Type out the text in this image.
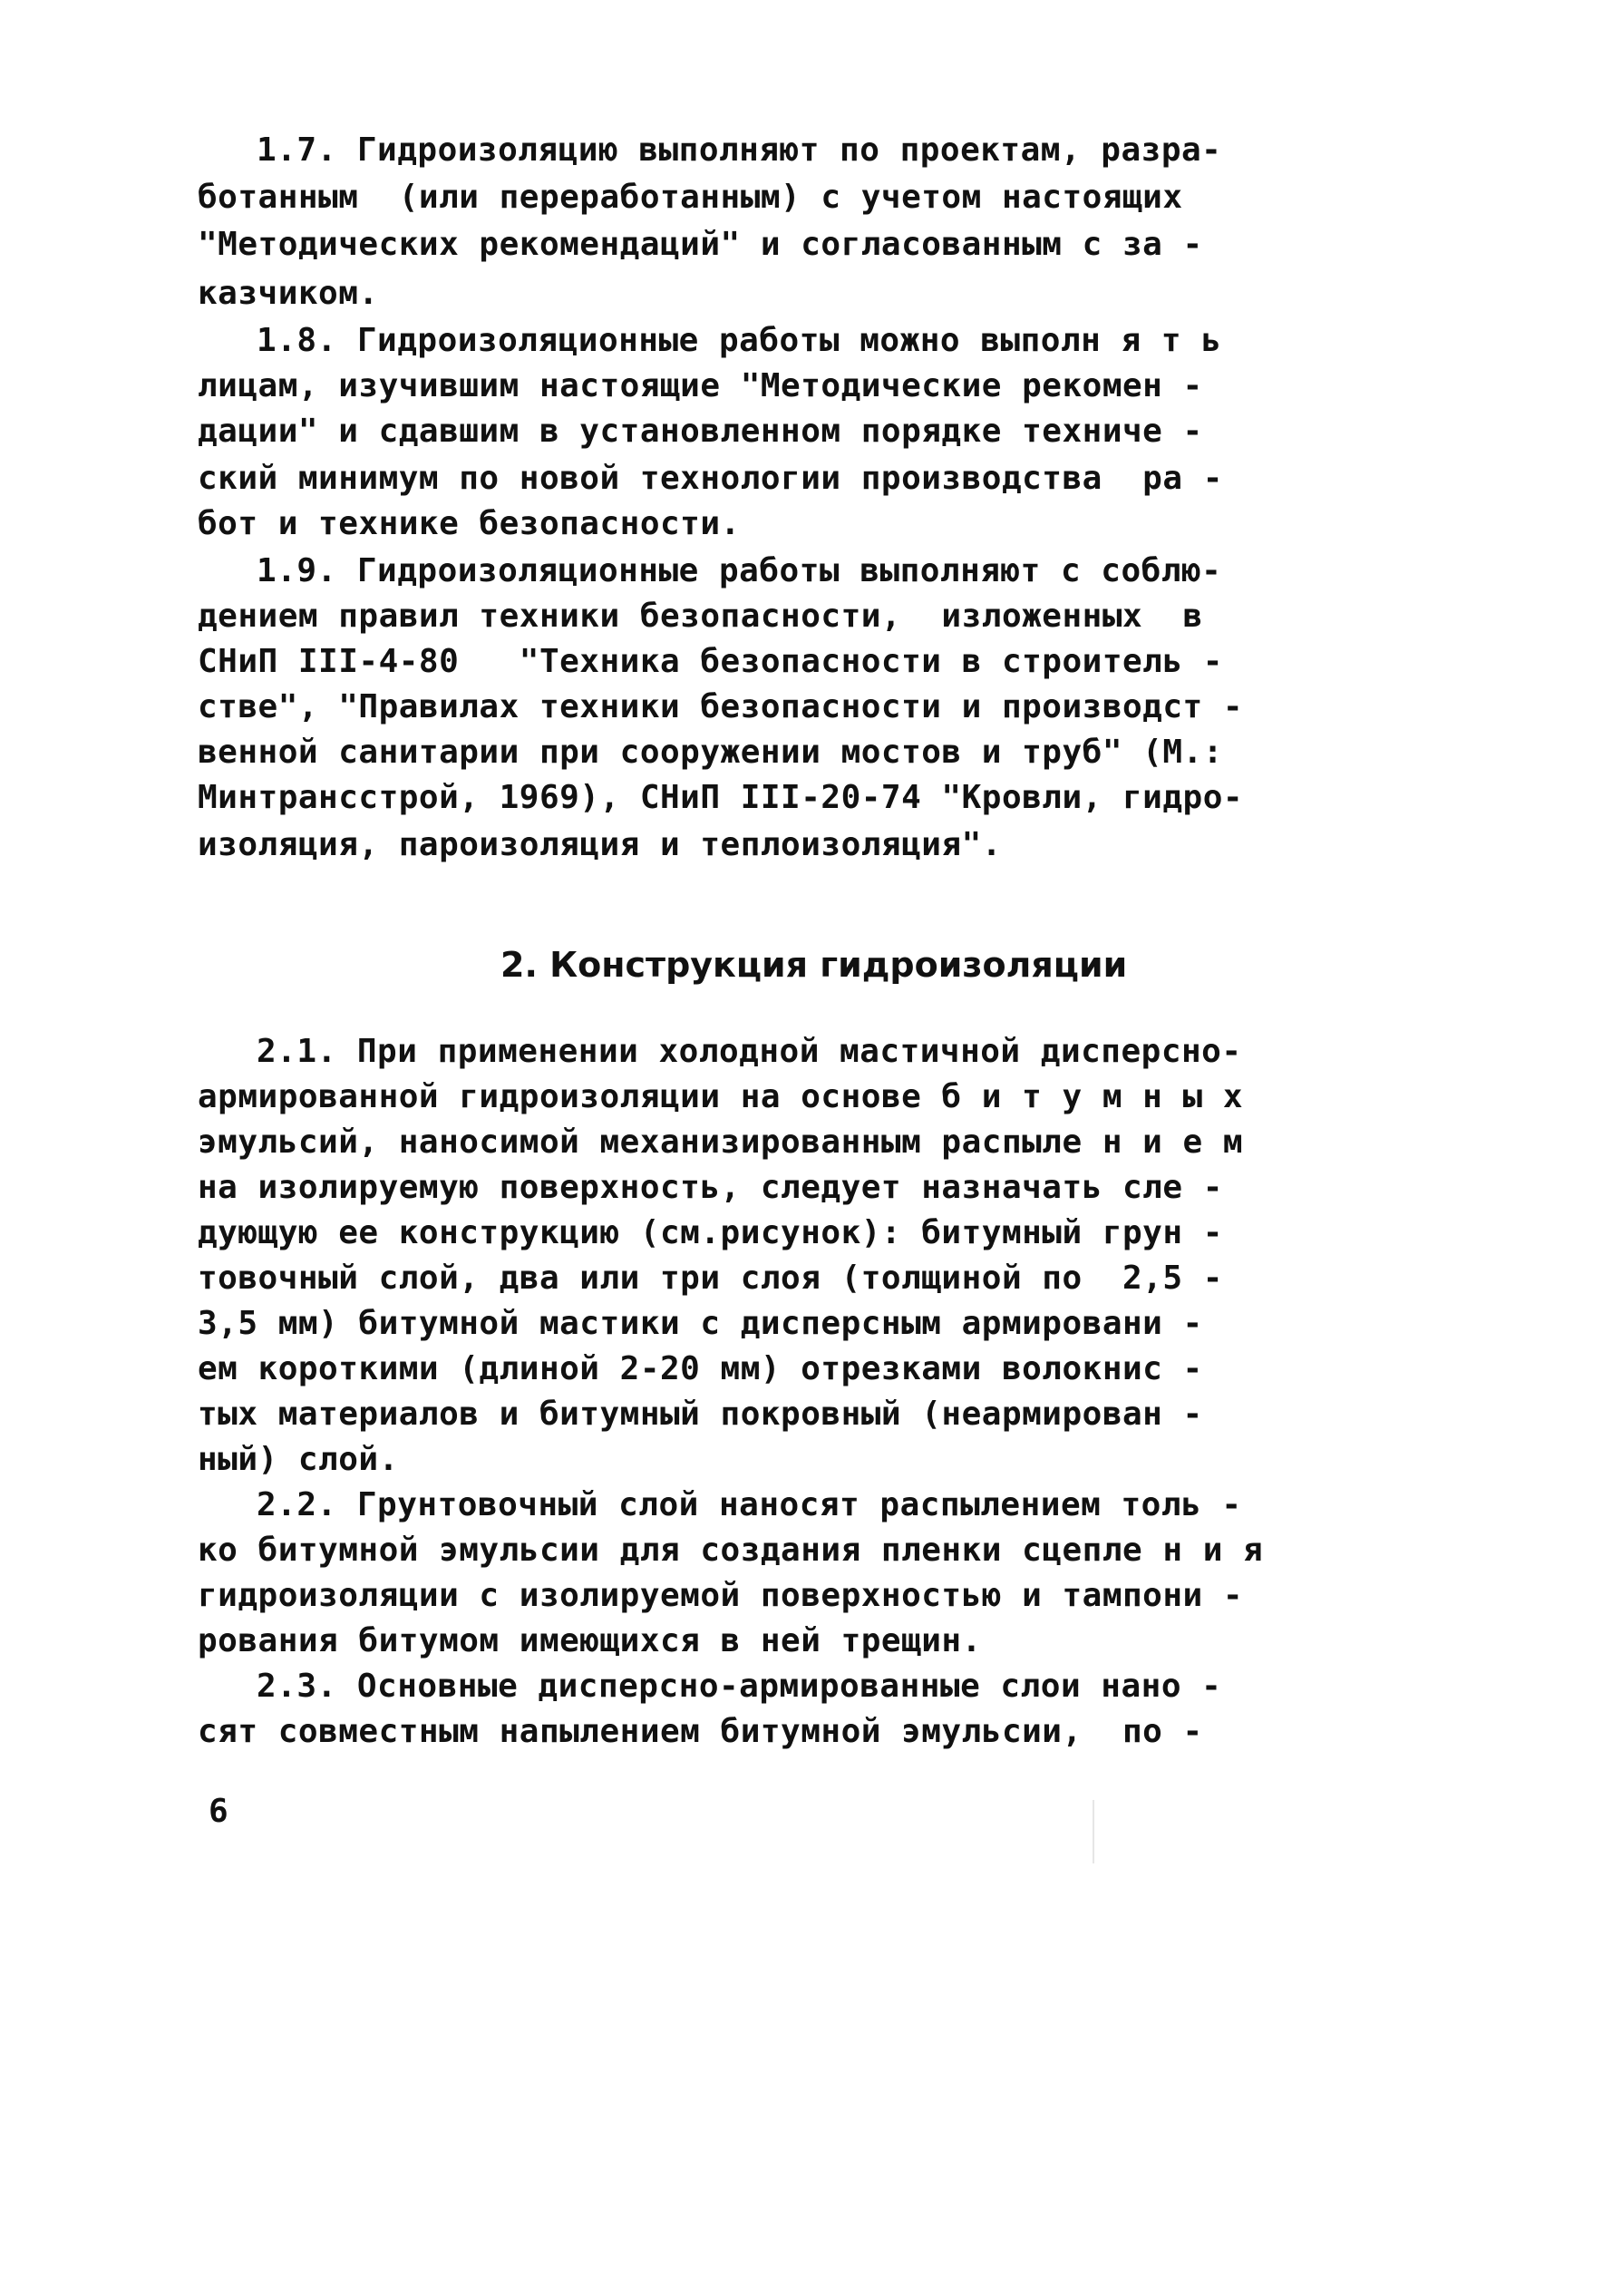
1.7. Гидроизоляцию выполняют по проектам, разра-
ботанным  (или переработанным) с учетом настоящих
"Методических рекомендаций" и согласованным с за -
казчиком.
1.8. Гидроизоляционные работы можно выполн я т ь
лицам, изучившим настоящие "Методические рекомен -
дации" и сдавшим в установленном порядке техниче -
ский минимум по новой технологии производства  ра -
бот и технике безопасности.
1.9. Гидроизоляционные работы выполняют с соблю-
дением правил техники безопасности,  изложенных  в
СНиП III-4-80   "Техника безопасности в строитель -
стве", "Правилах техники безопасности и производст -
венной санитарии при сооружении мостов и труб" (М.:
Минтрансстрой, 1969), СНиП III-20-74 "Кровли, гидро-
изоляция, пароизоляция и теплоизоляция".
2. Конструкция гидроизоляции
2.1. При применении холодной мастичной дисперсно-
армированной гидроизоляции на основе б и т у м н ы х
эмульсий, наносимой механизированным распыле н и е м
на изолируемую поверхность, следует назначать сле -
дующую ее конструкцию (см.рисунок): битумный грун -
товочный слой, два или три слоя (толщиной по  2,5 -
3,5 мм) битумной мастики с дисперсным армировани -
ем короткими (длиной 2-20 мм) отрезками волокнис -
тых материалов и битумный покровный (неармирован -
ный) слой.
2.2. Грунтовочный слой наносят распылением толь -
ко битумной эмульсии для создания пленки сцепле н и я
гидроизоляции с изолируемой поверхностью и тампони -
рования битумом имеющихся в ней трещин.
2.3. Основные дисперсно-армированные слои нано -
сят совместным напылением битумной эмульсии,  по -
6
